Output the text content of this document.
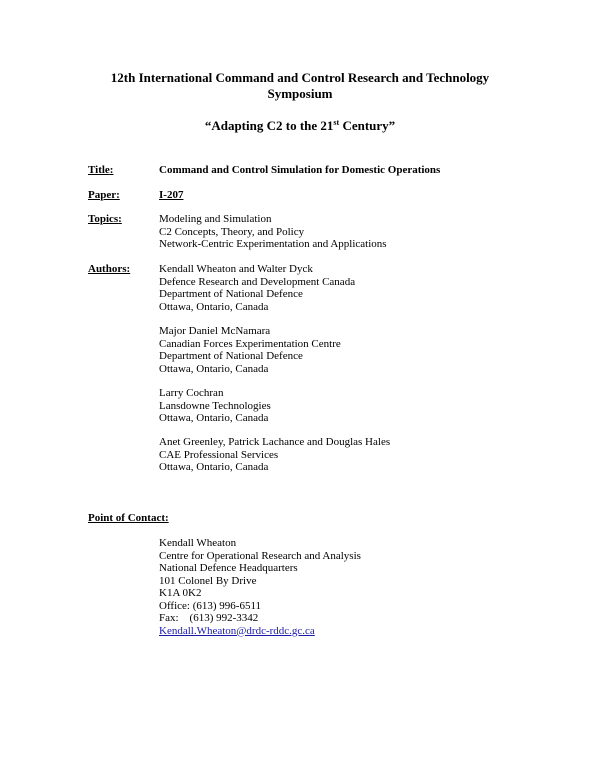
12th International Command and Control Research and Technology
Symposium
“Adapting C2 to the 21st Century”
Title:	Command and Control Simulation for Domestic Operations
Paper:	I-207
Topics:	Modeling and Simulation
C2 Concepts, Theory, and Policy
Network-Centric Experimentation and Applications
Authors:	Kendall Wheaton and Walter Dyck
Defence Research and Development Canada
Department of National Defence
Ottawa, Ontario, Canada
Major Daniel McNamara
Canadian Forces Experimentation Centre
Department of National Defence
Ottawa, Ontario, Canada
Larry Cochran
Lansdowne Technologies
Ottawa, Ontario, Canada
Anet Greenley, Patrick Lachance and Douglas Hales
CAE Professional Services
Ottawa, Ontario, Canada
Point of Contact:
Kendall Wheaton
Centre for Operational Research and Analysis
National Defence Headquarters
101 Colonel By Drive
K1A 0K2
Office: (613) 996-6511
Fax:    (613) 992-3342
Kendall.Wheaton@drdc-rddc.gc.ca
